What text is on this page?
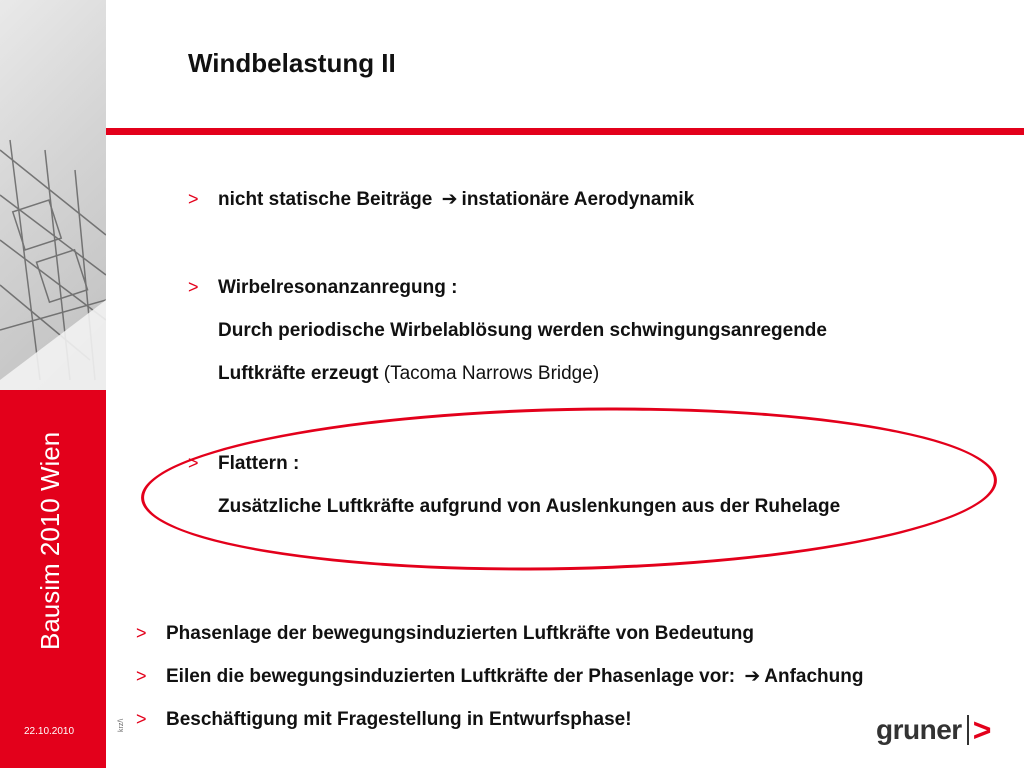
Bausim 2010 Wien
22.10.2010	krz/\
Windbelastung II
>	nicht statische Beiträge ➔ instationäre Aerodynamik
>	Wirbelresonanzanregung :
Durch periodische Wirbelablösung werden schwingungsanregende
Luftkräfte erzeugt (Tacoma Narrows Bridge)
>	Flattern :
Zusätzliche Luftkräfte aufgrund von Auslenkungen aus der Ruhelage
>	Phasenlage der bewegungsinduzierten Luftkräfte von Bedeutung
>	Eilen die bewegungsinduzierten Luftkräfte der Phasenlage vor: ➔ Anfachung
>	Beschäftigung mit Fragestellung in Entwurfsphase!	gruner >
